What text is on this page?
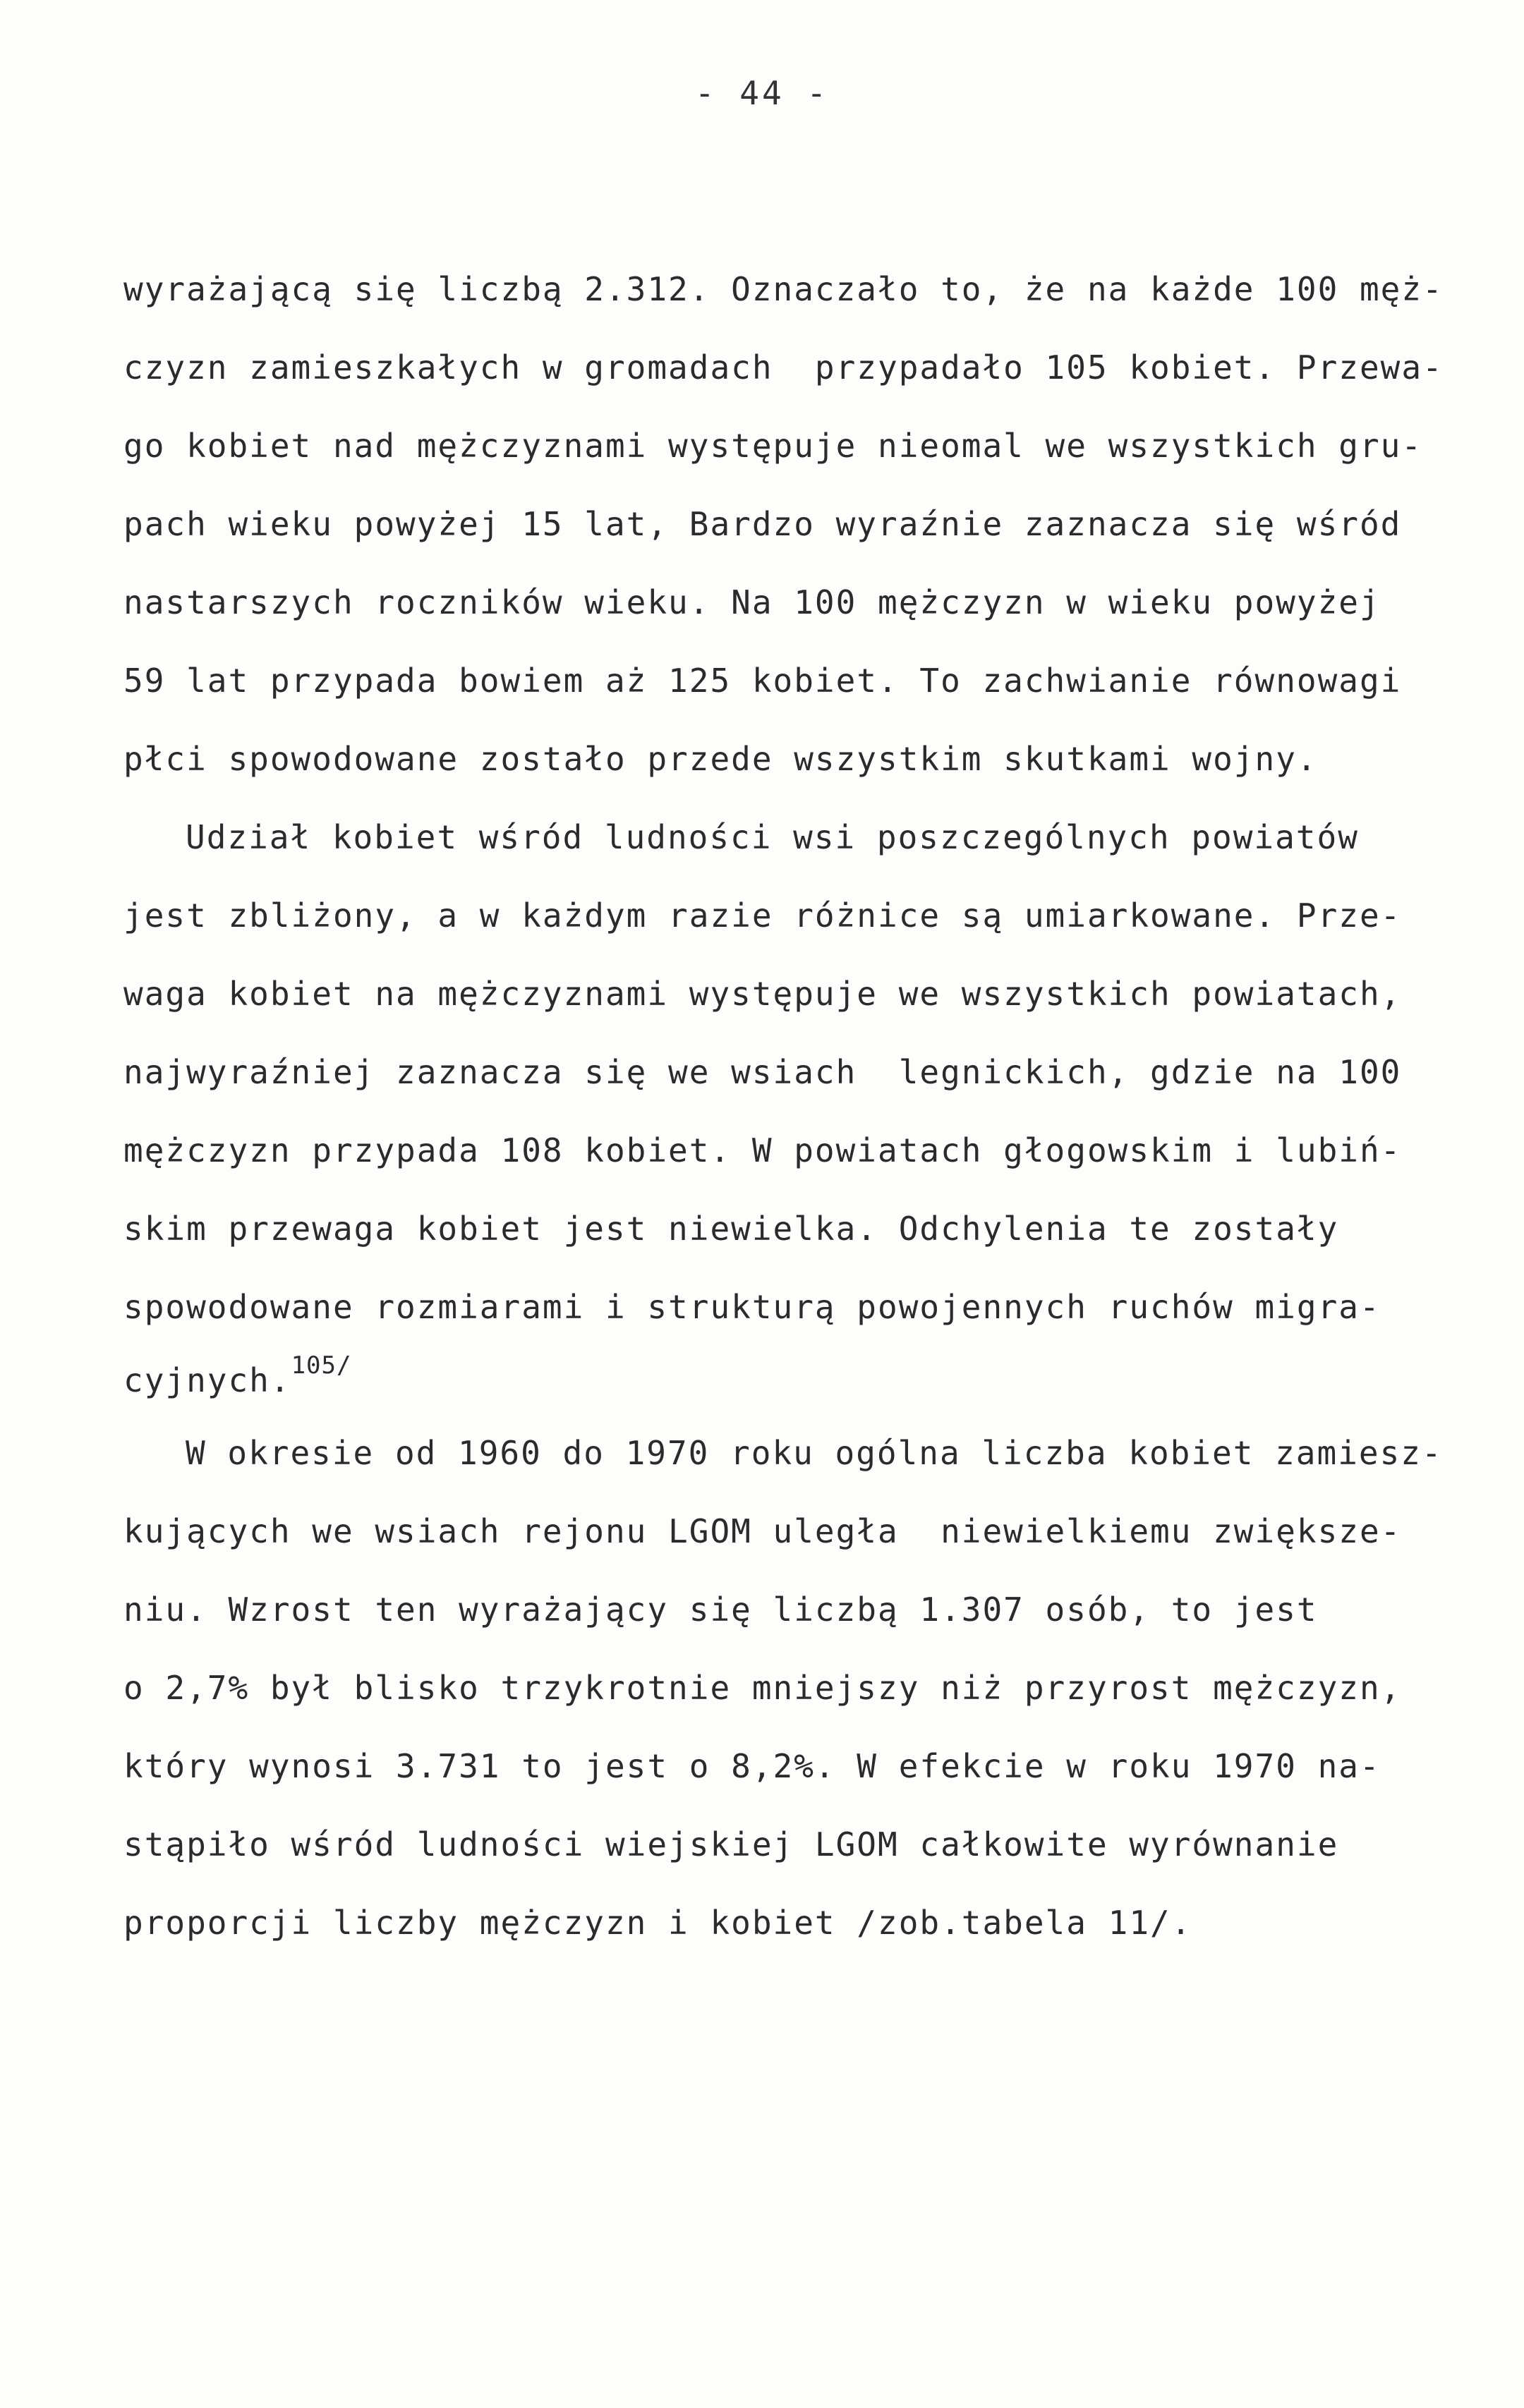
- 44 -
wyrażającą się liczbą 2.312. Oznaczało to, że na każde 100 męż-
czyzn zamieszkałych w gromadach  przypadało 105 kobiet. Przewa-
go kobiet nad mężczyznami występuje nieomal we wszystkich gru-
pach wieku powyżej 15 lat, Bardzo wyraźnie zaznacza się wśród
nastarszych roczników wieku. Na 100 mężczyzn w wieku powyżej
59 lat przypada bowiem aż 125 kobiet. To zachwianie równowagi
płci spowodowane zostało przede wszystkim skutkami wojny.
Udział kobiet wśród ludności wsi poszczególnych powiatów
jest zbliżony, a w każdym razie różnice są umiarkowane. Prze-
waga kobiet na mężczyznami występuje we wszystkich powiatach,
najwyraźniej zaznacza się we wsiach  legnickich, gdzie na 100
mężczyzn przypada 108 kobiet. W powiatach głogowskim i lubiń-
skim przewaga kobiet jest niewielka. Odchylenia te zostały
spowodowane rozmiarami i strukturą powojennych ruchów migra-
cyjnych.$^{105/}$
W okresie od 1960 do 1970 roku ogólna liczba kobiet zamiesz-
kujących we wsiach rejonu LGOM uległa  niewielkiemu zwiększe-
niu. Wzrost ten wyrażający się liczbą 1.307 osób, to jest
o 2,7% był blisko trzykrotnie mniejszy niż przyrost mężczyzn,
który wynosi 3.731 to jest o 8,2%. W efekcie w roku 1970 na-
stąpiło wśród ludności wiejskiej LGOM całkowite wyrównanie
proporcji liczby mężczyzn i kobiet /zob.tabela 11/.
